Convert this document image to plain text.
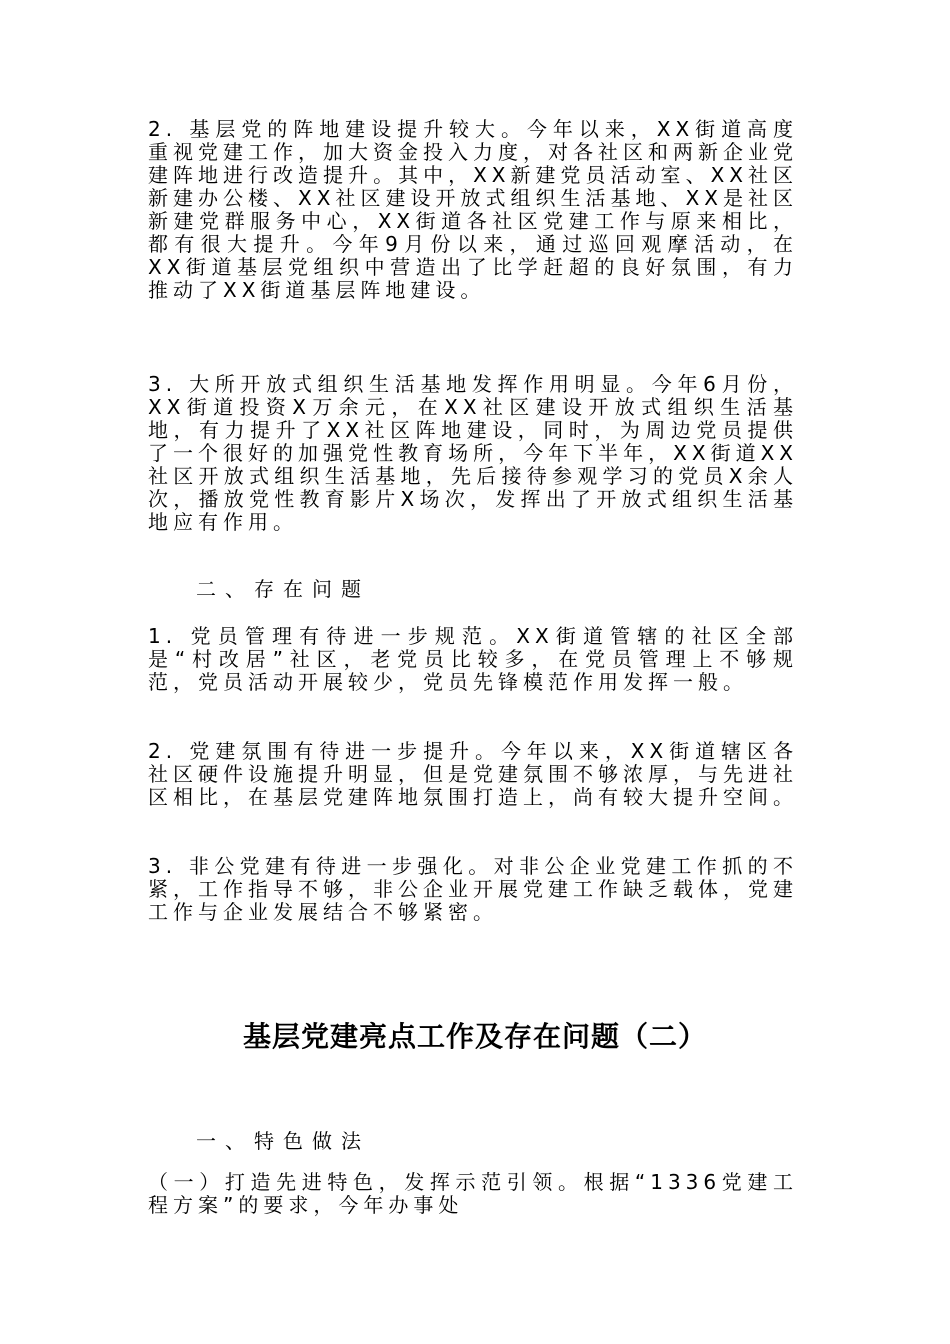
2. 基层党的阵地建设提升较大。今年以来，XX街道高度重视党建工作，加大资金投入力度，对各社区和两新企业党建阵地进行改造提升。其中，XX新建党员活动室、XX社区新建办公楼、XX社区建设开放式组织生活基地、XX是社区新建党群服务中心，XX街道各社区党建工作与原来相比，都有很大提升。今年9月份以来，通过巡回观摩活动，在XX街道基层党组织中营造出了比学赶超的良好氛围，有力推动了XX街道基层阵地建设。

3. 大所开放式组织生活基地发挥作用明显。今年6月份，XX街道投资X万余元，在XX社区建设开放式组织生活基地，有力提升了XX社区阵地建设，同时，为周边党员提供了一个很好的加强党性教育场所，今年下半年，XX街道XX社区开放式组织生活基地，先后接待参观学习的党员X余人次，播放党性教育影片X场次，发挥出了开放式组织生活基地应有作用。

二、存在问题

1. 党员管理有待进一步规范。XX街道管辖的社区全部是“村改居”社区，老党员比较多，在党员管理上不够规范，党员活动开展较少，党员先锋模范作用发挥一般。

2. 党建氛围有待进一步提升。今年以来，XX街道辖区各社区硬件设施提升明显，但是党建氛围不够浓厚，与先进社区相比，在基层党建阵地氛围打造上，尚有较大提升空间。

3. 非公党建有待进一步强化。对非公企业党建工作抓的不紧，工作指导不够，非公企业开展党建工作缺乏载体，党建工作与企业发展结合不够紧密。

基层党建亮点工作及存在问题（二）

一、特色做法

（一）打造先进特色，发挥示范引领。根据“1336党建工程方案”的要求，今年办事处
